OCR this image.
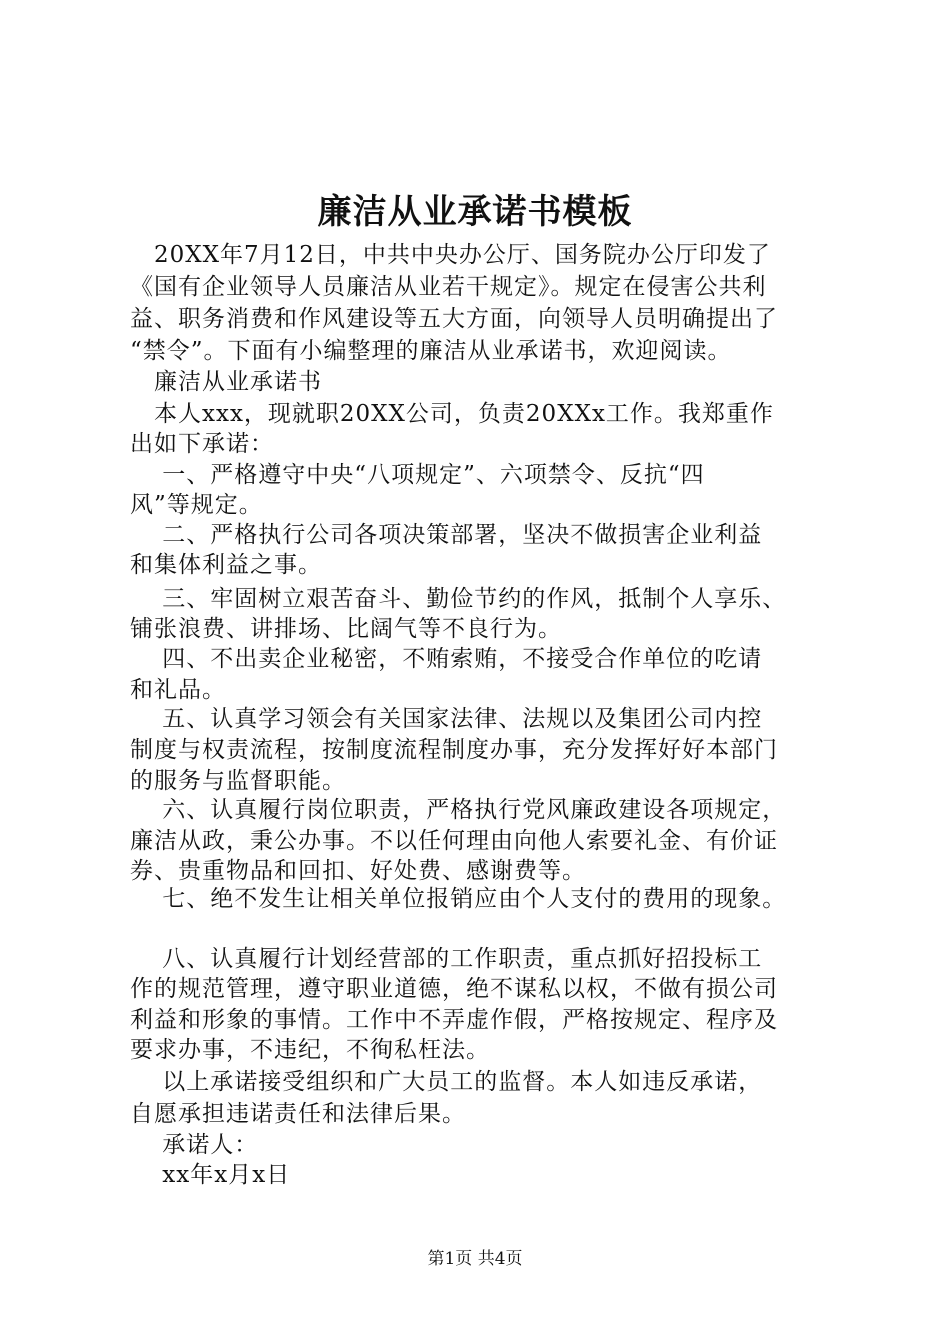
廉洁从业承诺书模板
　20XX年7月12日，中共中央办公厅、国务院办公厅印发了
《国有企业领导人员廉洁从业若干规定》。规定在侵害公共利
益、职务消费和作风建设等五大方面，向领导人员明确提出了
“禁令”。下面有小编整理的廉洁从业承诺书，欢迎阅读。
　廉洁从业承诺书
　本人xxx，现就职20XX公司，负责20XXx工作。我郑重作
出如下承诺：
　 一、严格遵守中央“八项规定”、六项禁令、反抗“四
风”等规定。
　 二、严格执行公司各项决策部署，坚决不做损害企业利益
和集体利益之事。
　 三、牢固树立艰苦奋斗、勤俭节约的作风，抵制个人享乐、
铺张浪费、讲排场、比阔气等不良行为。
　 四、不出卖企业秘密，不贿索贿，不接受合作单位的吃请
和礼品。
　 五、认真学习领会有关国家法律、法规以及集团公司内控
制度与权责流程，按制度流程制度办事，充分发挥好好本部门
的服务与监督职能。
　 六、认真履行岗位职责，严格执行党风廉政建设各项规定，
廉洁从政，秉公办事。不以任何理由向他人索要礼金、有价证
券、贵重物品和回扣、好处费、感谢费等。
　 七、绝不发生让相关单位报销应由个人支付的费用的现象。
　 八、认真履行计划经营部的工作职责，重点抓好招投标工
作的规范管理，遵守职业道德，绝不谋私以权，不做有损公司
利益和形象的事情。工作中不弄虚作假，严格按规定、程序及
要求办事，不违纪，不徇私枉法。
　 以上承诺接受组织和广大员工的监督。本人如违反承诺，
自愿承担违诺责任和法律后果。
　 承诺人：
　 xx年x月x日
第1页 共4页
